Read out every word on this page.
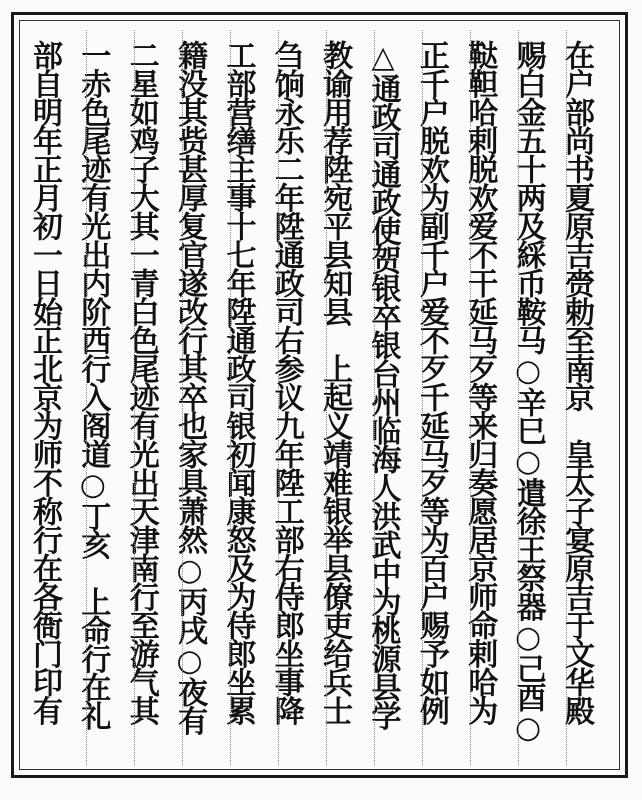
在户部尚书夏原吉赍勅至南京　皇太子宴原吉于文华殿
赐白金五十两及綵币鞍马○辛巳○遣徐王祭器○己酉○
鞑靼哈剌脱欢爱不干延马歹等来归奏愿居京师命剌哈为
正千户脱欢为副千户爱不歹千延马歹等为百户赐予如例
△通政司通政使贺银卒银台州临海人洪武中为桃源县学
教谕用荐陞宛平县知县　上起义靖难银举县僚吏给兵士
刍饷永乐二年陞通政司右参议九年陞工部右侍郎坐事降
工部营缮主事十七年陞通政司银初闻康怒及为侍郎坐累
籍没其赀甚厚复官遂改行其卒也家具萧然○丙戌○夜有
二星如鸡子大其一青白色尾迹有光出天津南行至游气其
一赤色尾迹有光出内阶西行入阁道○丁亥　上命行在礼
部自明年正月初一日始正北京为师不称行在各衙门印有
